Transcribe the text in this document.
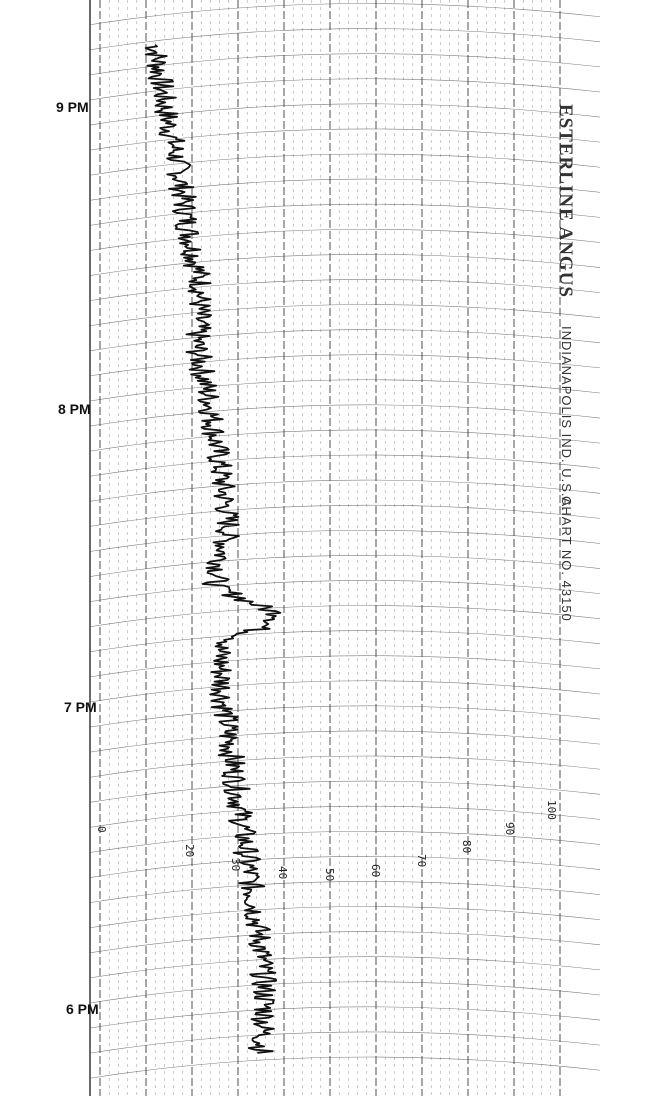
9 PM
8 PM
7 PM
6 PM
0
20
30
40	50	60
70
80
90
100
ESTERLINE ANGUS
INDIANAPOLIS IND. U.S.A.
CHART NO. 43150
